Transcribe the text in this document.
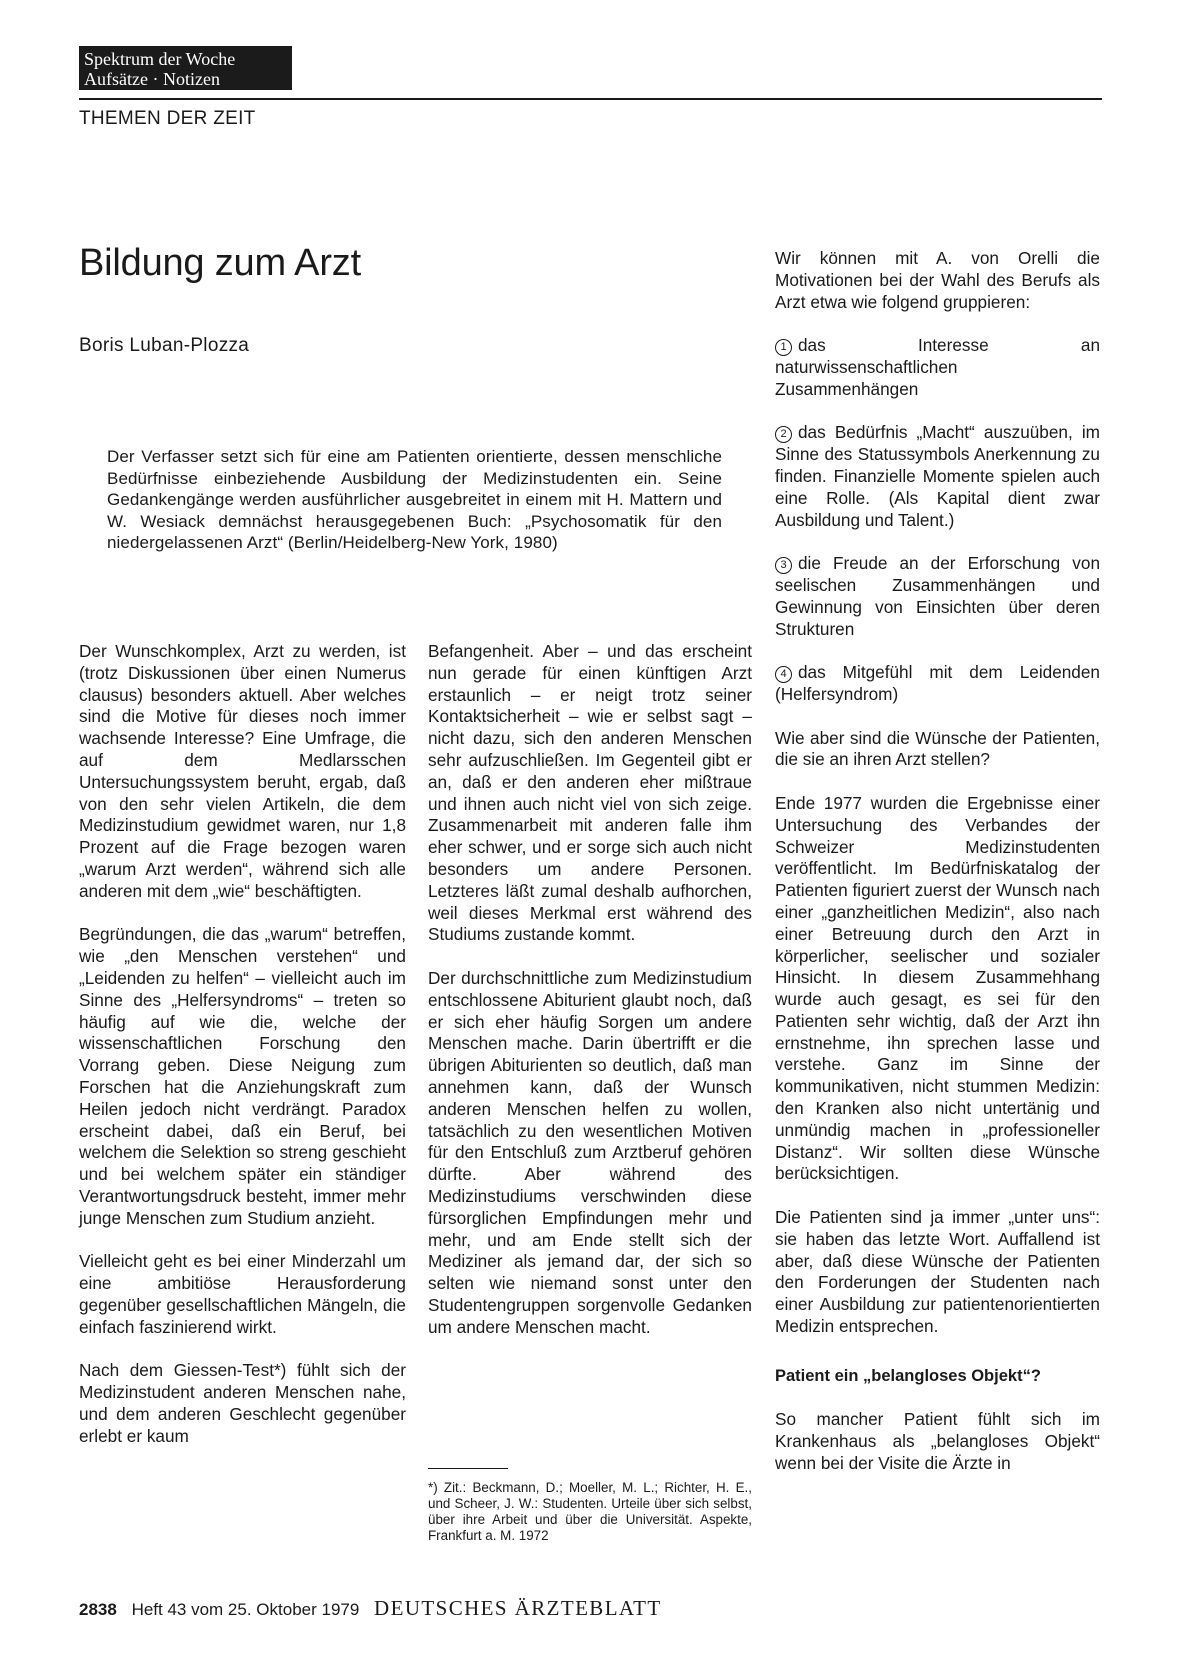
Spektrum der Woche
Aufsätze · Notizen
THEMEN DER ZEIT
Bildung zum Arzt
Boris Luban-Plozza
Der Verfasser setzt sich für eine am Patienten orientierte, dessen menschliche Bedürfnisse einbeziehende Ausbildung der Medizinstudenten ein. Seine Gedankengänge werden ausführlicher ausgebreitet in einem mit H. Mattern und W. Wesiack demnächst herausgegebenen Buch: „Psychosomatik für den niedergelassenen Arzt“ (Berlin/Heidelberg-New York, 1980)

Der Wunschkomplex, Arzt zu werden, ist (trotz Diskussionen über einen Numerus clausus) besonders aktuell. Aber welches sind die Motive für dieses noch immer wachsende Interesse? Eine Umfrage, die auf dem Medlarsschen Untersuchungssystem beruht, ergab, daß von den sehr vielen Artikeln, die dem Medizinstudium gewidmet waren, nur 1,8 Prozent auf die Frage bezogen waren „warum Arzt werden“, während sich alle anderen mit dem „wie“ beschäftigten.

Begründungen, die das „warum“ betreffen, wie „den Menschen verstehen“ und „Leidenden zu helfen“ – vielleicht auch im Sinne des „Helfersyndroms“ – treten so häufig auf wie die, welche der wissenschaftlichen Forschung den Vorrang geben. Diese Neigung zum Forschen hat die Anziehungskraft zum Heilen jedoch nicht verdrängt. Paradox erscheint dabei, daß ein Beruf, bei welchem die Selektion so streng geschieht und bei welchem später ein ständiger Verantwortungsdruck besteht, immer mehr junge Menschen zum Studium anzieht.

Vielleicht geht es bei einer Minderzahl um eine ambitiöse Herausforderung gegenüber gesellschaftlichen Mängeln, die einfach faszinierend wirkt.

Nach dem Giessen-Test*) fühlt sich der Medizinstudent anderen Menschen nahe, und dem anderen Geschlecht gegenüber erlebt er kaum

Befangenheit. Aber – und das erscheint nun gerade für einen künftigen Arzt erstaunlich – er neigt trotz seiner Kontaktsicherheit – wie er selbst sagt – nicht dazu, sich den anderen Menschen sehr aufzuschließen. Im Gegenteil gibt er an, daß er den anderen eher mißtraue und ihnen auch nicht viel von sich zeige. Zusammenarbeit mit anderen falle ihm eher schwer, und er sorge sich auch nicht besonders um andere Personen. Letzteres läßt zumal deshalb aufhorchen, weil dieses Merkmal erst während des Studiums zustande kommt.

Der durchschnittliche zum Medizinstudium entschlossene Abiturient glaubt noch, daß er sich eher häufig Sorgen um andere Menschen mache. Darin übertrifft er die übrigen Abiturienten so deutlich, daß man annehmen kann, daß der Wunsch anderen Menschen helfen zu wollen, tatsächlich zu den wesentlichen Motiven für den Entschluß zum Arztberuf gehören dürfte. Aber während des Medizinstudiums verschwinden diese fürsorglichen Empfindungen mehr und mehr, und am Ende stellt sich der Mediziner als jemand dar, der sich so selten wie niemand sonst unter den Studentengruppen sorgenvolle Gedanken um andere Menschen macht.

*) Zit.: Beckmann, D.; Moeller, M. L.; Richter, H. E., und Scheer, J. W.: Studenten. Urteile über sich selbst, über ihre Arbeit und über die Universität. Aspekte, Frankfurt a. M. 1972

Wir können mit A. von Orelli die Motivationen bei der Wahl des Berufs als Arzt etwa wie folgend gruppieren:

1 das Interesse an naturwissenschaftlichen Zusammenhängen

2 das Bedürfnis „Macht“ auszuüben, im Sinne des Statussymbols Anerkennung zu finden. Finanzielle Momente spielen auch eine Rolle. (Als Kapital dient zwar Ausbildung und Talent.)

3 die Freude an der Erforschung von seelischen Zusammenhängen und Gewinnung von Einsichten über deren Strukturen

4 das Mitgefühl mit dem Leidenden (Helfersyndrom)

Wie aber sind die Wünsche der Patienten, die sie an ihren Arzt stellen?

Ende 1977 wurden die Ergebnisse einer Untersuchung des Verbandes der Schweizer Medizinstudenten veröffentlicht. Im Bedürfniskatalog der Patienten figuriert zuerst der Wunsch nach einer „ganzheitlichen Medizin“, also nach einer Betreuung durch den Arzt in körperlicher, seelischer und sozialer Hinsicht. In diesem Zusammehhang wurde auch gesagt, es sei für den Patienten sehr wichtig, daß der Arzt ihn ernstnehme, ihn sprechen lasse und verstehe. Ganz im Sinne der kommunikativen, nicht stummen Medizin: den Kranken also nicht untertänig und unmündig machen in „professioneller Distanz“. Wir sollten diese Wünsche berücksichtigen.

Die Patienten sind ja immer „unter uns“: sie haben das letzte Wort. Auffallend ist aber, daß diese Wünsche der Patienten den Forderungen der Studenten nach einer Ausbildung zur patientenorientierten Medizin entsprechen.

Patient ein „belangloses Objekt“?

So mancher Patient fühlt sich im Krankenhaus als „belangloses Objekt“ wenn bei der Visite die Ärzte in

2838 Heft 43 vom 25. Oktober 1979 DEUTSCHES ÄRZTEBLATT
